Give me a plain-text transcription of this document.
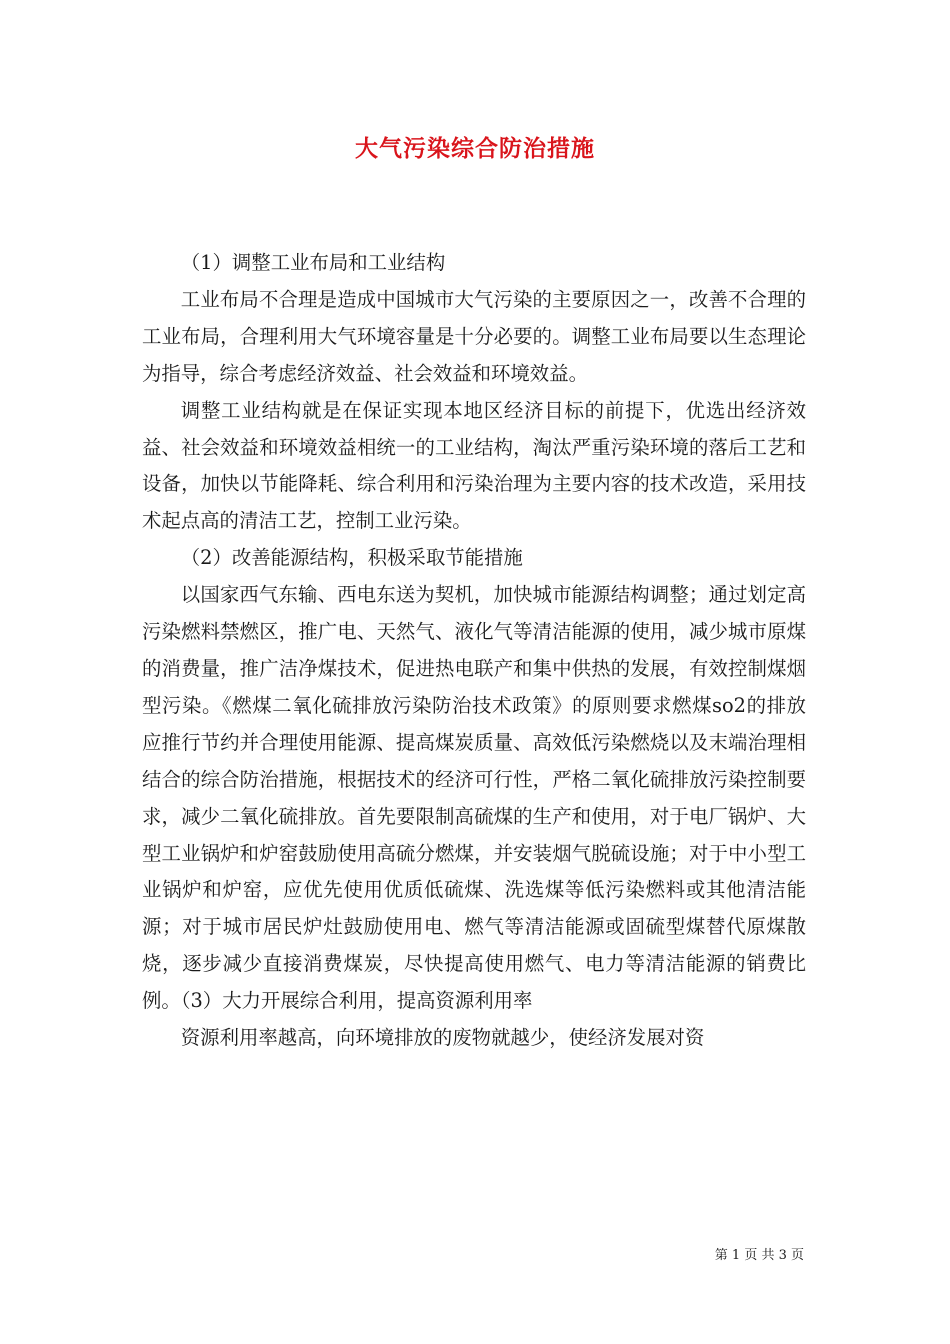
大气污染综合防治措施

（1）调整工业布局和工业结构

工业布局不合理是造成中国城市大气污染的主要原因之一，改善不合理的工业布局，合理利用大气环境容量是十分必要的。调整工业布局要以生态理论为指导，综合考虑经济效益、社会效益和环境效益。

调整工业结构就是在保证实现本地区经济目标的前提下，优选出经济效益、社会效益和环境效益相统一的工业结构，淘汰严重污染环境的落后工艺和设备，加快以节能降耗、综合利用和污染治理为主要内容的技术改造，采用技术起点高的清洁工艺，控制工业污染。

（2）改善能源结构，积极采取节能措施

以国家西气东输、西电东送为契机，加快城市能源结构调整；通过划定高污染燃料禁燃区，推广电、天然气、液化气等清洁能源的使用，减少城市原煤的消费量，推广洁净煤技术，促进热电联产和集中供热的发展，有效控制煤烟型污染。《燃煤二氧化硫排放污染防治技术政策》的原则要求燃煤so2的排放应推行节约并合理使用能源、提高煤炭质量、高效低污染燃烧以及末端治理相结合的综合防治措施，根据技术的经济可行性，严格二氧化硫排放污染控制要求，减少二氧化硫排放。首先要限制高硫煤的生产和使用，对于电厂锅炉、大型工业锅炉和炉窑鼓励使用高硫分燃煤，并安装烟气脱硫设施；对于中小型工业锅炉和炉窑，应优先使用优质低硫煤、洗选煤等低污染燃料或其他清洁能源；对于城市居民炉灶鼓励使用电、燃气等清洁能源或固硫型煤替代原煤散烧，逐步减少直接消费煤炭，尽快提高使用燃气、电力等清洁能源的销费比例。（3）大力开展综合利用，提高资源利用率

资源利用率越高，向环境排放的废物就越少，使经济发展对资

第 1 页 共 3 页
